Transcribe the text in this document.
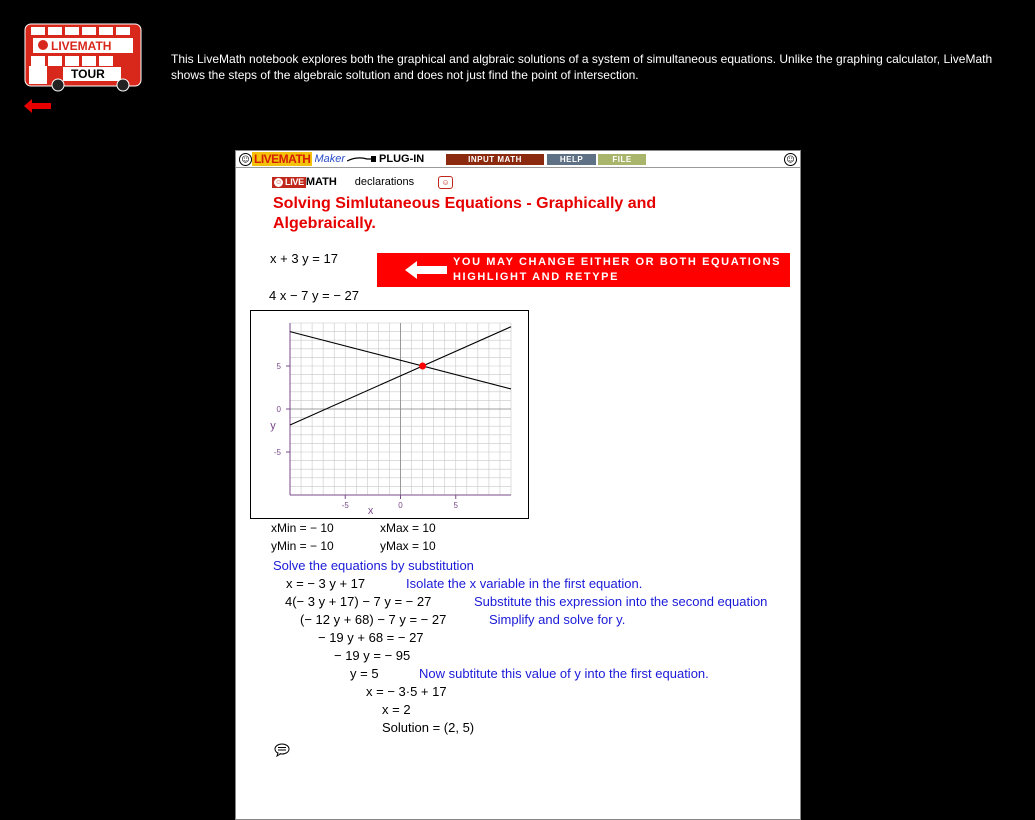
LIVEMATH
TOUR
This LiveMath notebook explores both the graphical and algbraic solutions of a system of simultaneous equations. Unlike the graphing calculator, LiveMath shows the steps of the algebraic soltution and does not just find the point of intersection.
☺ LIVEMATH Maker	PLUG-IN	INPUT MATH	HELP	FILE	☺
☺ LIVE MATH declarations	☺
Solving Simlutaneous Equations - Graphically and Algebraically.
x + 3 y = 17
4 x − 7 y = − 27
YOU MAY CHANGE EITHER OR BOTH EQUATIONS
HIGHLIGHT AND RETYPE
-5	0	5
5
0
-5
x
y
xMin = − 10	xMax = 10
yMin = − 10	yMax = 10
Solve the equations by substitution
x = − 3 y + 17	Isolate the x variable in the first equation.
4(− 3 y + 17) − 7 y = − 27	Substitute this expression into the second equation
(− 12 y + 68) − 7 y = − 27	Simplify and solve for y.
− 19 y + 68 = − 27
− 19 y = − 95
y = 5	Now subtitute this value of y into the first equation.
x = − 3·5 + 17
x = 2
Solution = (2, 5)
